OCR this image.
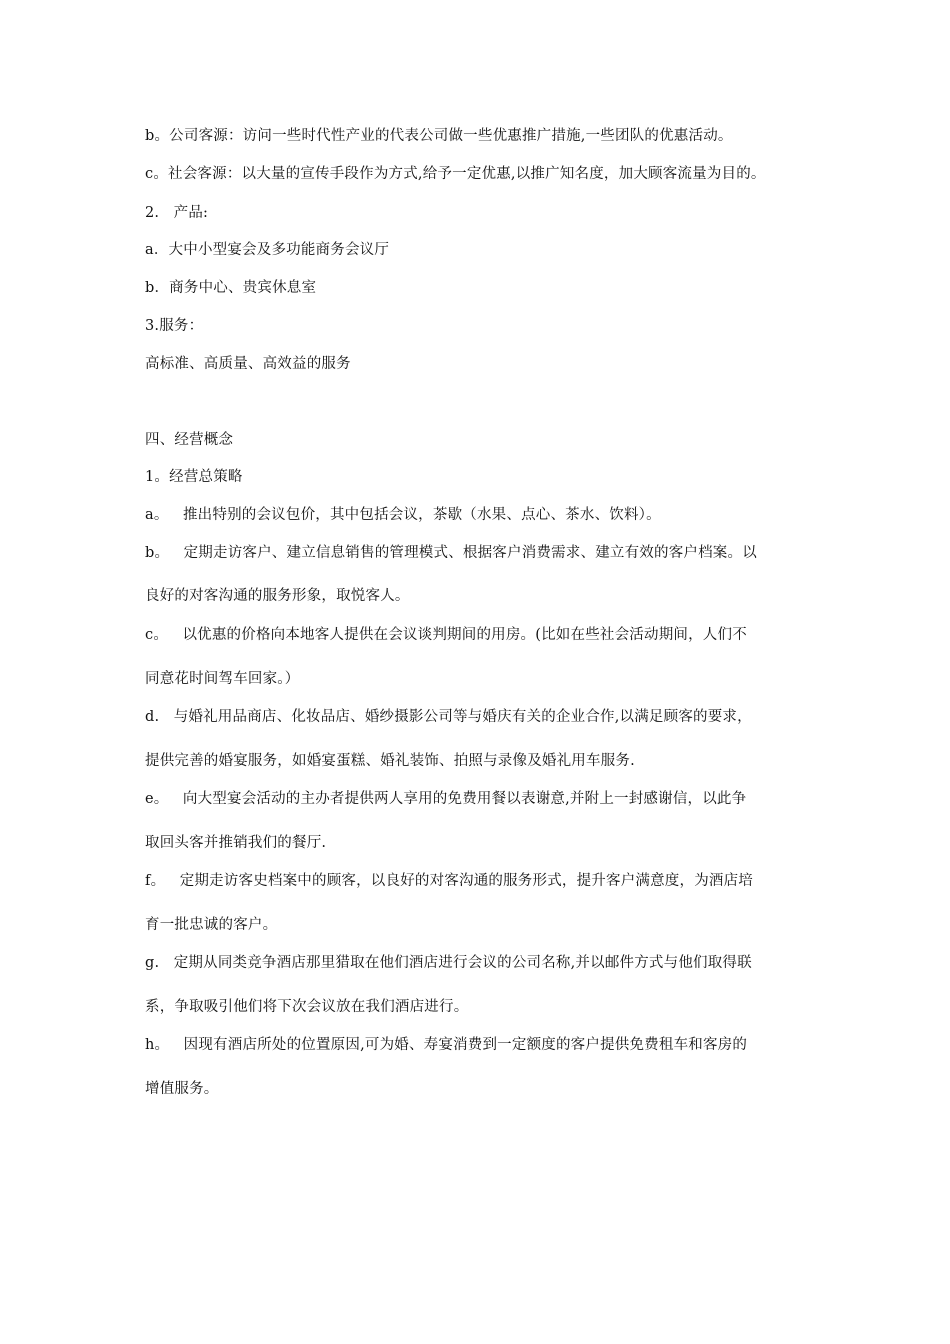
b。公司客源：访问一些时代性产业的代表公司做一些优惠推广措施,一些团队的优惠活动。
c。社会客源：以大量的宣传手段作为方式,给予一定优惠,以推广知名度，加大顾客流量为目的。
2.   产品:
a．大中小型宴会及多功能商务会议厅
b．商务中心、贵宾休息室
3.服务：
高标准、高质量、高效益的服务
四、经营概念
1。经营总策略
a。   推出特别的会议包价，其中包括会议，茶歇（水果、点心、茶水、饮料）。
b。   定期走访客户、建立信息销售的管理模式、根据客户消费需求、建立有效的客户档案。以
良好的对客沟通的服务形象，取悦客人。
c。   以优惠的价格向本地客人提供在会议谈判期间的用房。(比如在些社会活动期间，人们不
同意花时间驾车回家。）
d.   与婚礼用品商店、化妆品店、婚纱摄影公司等与婚庆有关的企业合作,以满足顾客的要求，
提供完善的婚宴服务，如婚宴蛋糕、婚礼装饰、拍照与录像及婚礼用车服务.
e。   向大型宴会活动的主办者提供两人享用的免费用餐以表谢意,并附上一封感谢信，以此争
取回头客并推销我们的餐厅.
f。   定期走访客史档案中的顾客，以良好的对客沟通的服务形式，提升客户满意度，为酒店培
育一批忠诚的客户。
g.   定期从同类竞争酒店那里猎取在他们酒店进行会议的公司名称,并以邮件方式与他们取得联
系，争取吸引他们将下次会议放在我们酒店进行。
h。   因现有酒店所处的位置原因,可为婚、寿宴消费到一定额度的客户提供免费租车和客房的
增值服务。
